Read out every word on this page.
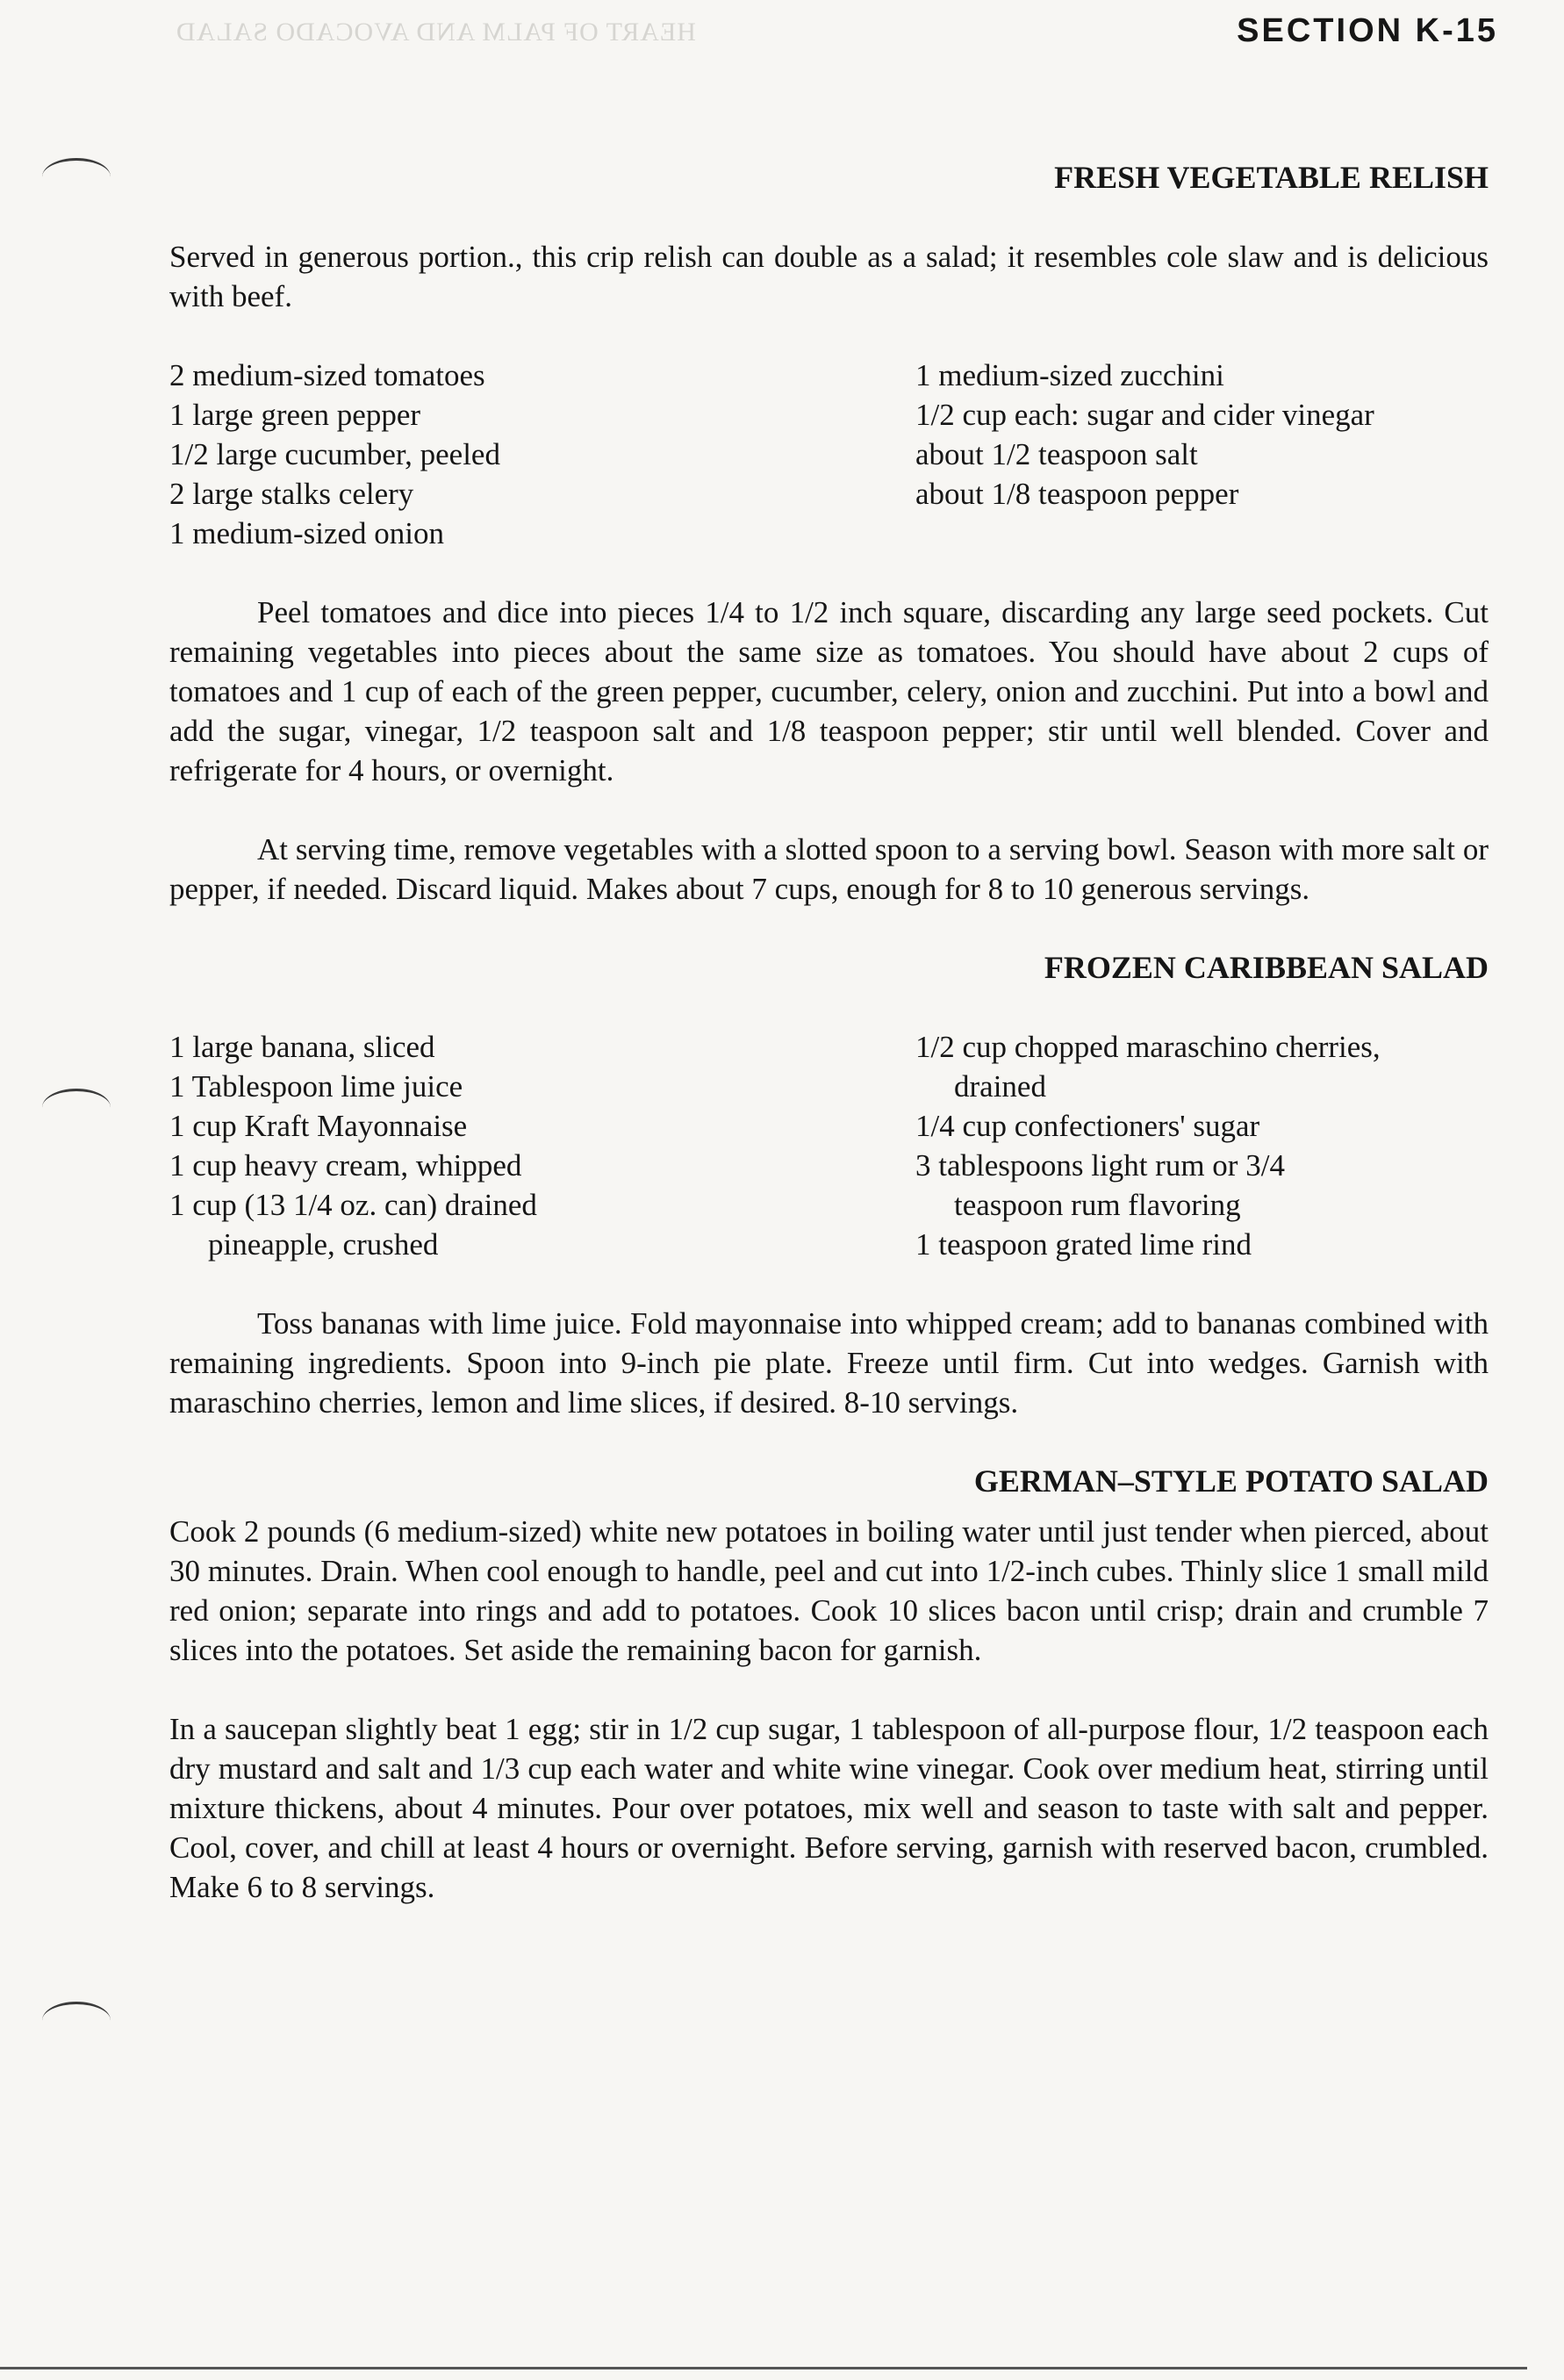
HEART OF PALM AND AVOCADO SALAD	SECTION K-15
FRESH VEGETABLE RELISH

Served in generous portion., this crip relish can double as a salad; it resembles cole slaw and is delicious with beef.

2 medium-sized tomatoes
1 large green pepper
1/2 large cucumber, peeled
2 large stalks celery
1 medium-sized onion
1 medium-sized zucchini
1/2 cup each: sugar and cider vinegar
about 1/2 teaspoon salt
about 1/8 teaspoon pepper

Peel tomatoes and dice into pieces 1/4 to 1/2 inch square, discarding any large seed pockets. Cut remaining vegetables into pieces about the same size as tomatoes. You should have about 2 cups of tomatoes and 1 cup of each of the green pepper, cucumber, celery, onion and zucchini. Put into a bowl and add the sugar, vinegar, 1/2 teaspoon salt and 1/8 teaspoon pepper; stir until well blended. Cover and refrigerate for 4 hours, or overnight.

At serving time, remove vegetables with a slotted spoon to a serving bowl. Season with more salt or pepper, if needed. Discard liquid. Makes about 7 cups, enough for 8 to 10 generous servings.

FROZEN CARIBBEAN SALAD
1 large banana, sliced
1 Tablespoon lime juice
1 cup Kraft Mayonnaise
1 cup heavy cream, whipped
1 cup (13 1/4 oz. can) drained
pineapple, crushed
1/2 cup chopped maraschino cherries,
drained
1/4 cup confectioners' sugar
3 tablespoons light rum or 3/4
teaspoon rum flavoring
1 teaspoon grated lime rind

Toss bananas with lime juice. Fold mayonnaise into whipped cream; add to bananas combined with remaining ingredients. Spoon into 9-inch pie plate. Freeze until firm. Cut into wedges. Garnish with maraschino cherries, lemon and lime slices, if desired. 8-10 servings.

GERMAN–STYLE POTATO SALAD

Cook 2 pounds (6 medium-sized) white new potatoes in boiling water until just tender when pierced, about 30 minutes. Drain. When cool enough to handle, peel and cut into 1/2-inch cubes. Thinly slice 1 small mild red onion; separate into rings and add to potatoes. Cook 10 slices bacon until crisp; drain and crumble 7 slices into the potatoes. Set aside the remaining bacon for garnish.

In a saucepan slightly beat 1 egg; stir in 1/2 cup sugar, 1 tablespoon of all-purpose flour, 1/2 teaspoon each dry mustard and salt and 1/3 cup each water and white wine vinegar. Cook over medium heat, stirring until mixture thickens, about 4 minutes. Pour over potatoes, mix well and season to taste with salt and pepper. Cool, cover, and chill at least 4 hours or overnight. Before serving, garnish with reserved bacon, crumbled. Make 6 to 8 servings.
